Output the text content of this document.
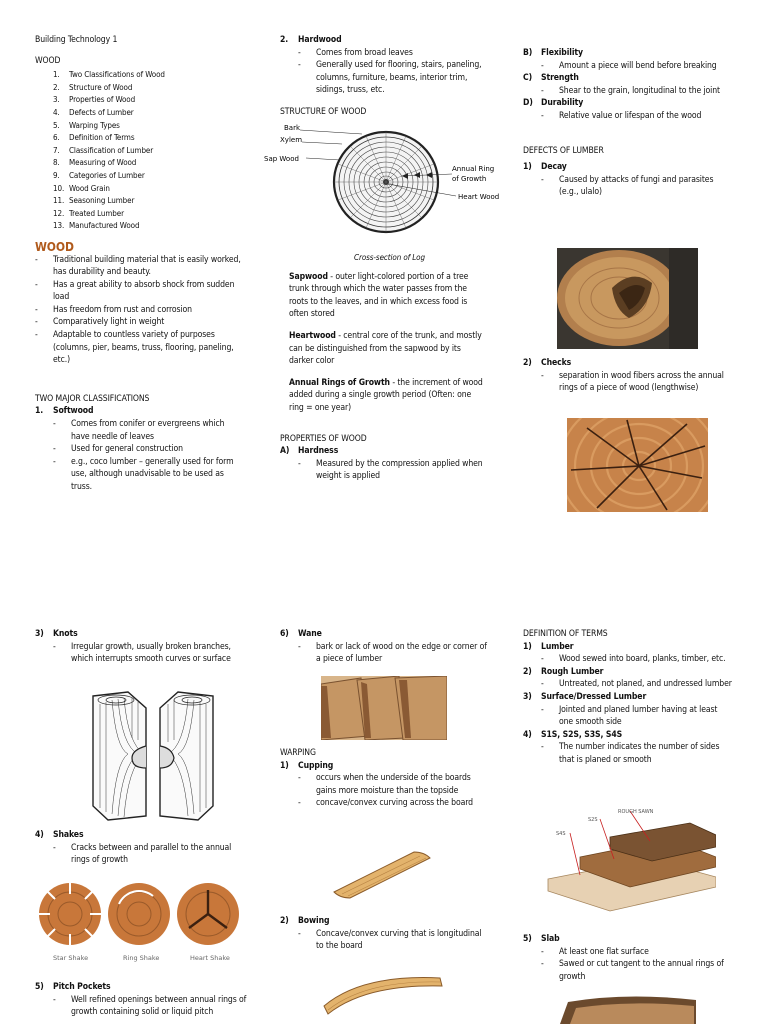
Building Technology 1
WOOD
1. Two Classifications of Wood
2. Structure of Wood
3. Properties of Wood
4. Defects of Lumber
5. Warping Types
6. Definition of Terms
7. Classification of Lumber
8. Measuring of Wood
9. Categories of Lumber
10. Wood Grain
11. Seasoning Lumber
12. Treated Lumber
13. Manufactured Wood
WOOD
- Traditional building material that is easily worked, has durability and beauty.
- Has a great ability to absorb shock from sudden load
- Has freedom from rust and corrosion
- Comparatively light in weight
- Adaptable to countless variety of purposes (columns, pier, beams, truss, flooring, paneling, etc.)
TWO MAJOR CLASSIFICATIONS
1. Softwood
- Comes from conifer or evergreens which have needle of leaves
- Used for general construction
- e.g., coco lumber – generally used for form use, although unadvisable to be used as truss.
2. Hardwood
- Comes from broad leaves
- Generally used for flooring, stairs, paneling, columns, furniture, beams, interior trim, sidings, truss, etc.
STRUCTURE OF WOOD
Bark
Xylem
Sap Wood
Annual Ring
of Growth
Heart Wood
Cross-section of Log
Sapwood - outer light-colored portion of a tree trunk through which the water passes from the roots to the leaves, and in which excess food is often stored
Heartwood - central core of the trunk, and mostly can be distinguished from the sapwood by its darker color
Annual Rings of Growth - the increment of wood added during a single growth period (Often: one ring = one year)
PROPERTIES OF WOOD
A) Hardness
- Measured by the compression applied when weight is applied
B) Flexibility
- Amount a piece will bend before breaking
C) Strength
- Shear to the grain, longitudinal to the joint
D) Durability
- Relative value or lifespan of the wood
DEFECTS OF LUMBER
1) Decay
- Caused by attacks of fungi and parasites (e.g., ulalo)
2) Checks
- separation in wood fibers across the annual rings of a piece of wood (lengthwise)
3) Knots
- Irregular growth, usually broken branches, which interrupts smooth curves or surface
4) Shakes
- Cracks between and parallel to the annual rings of growth
Star Shake	Ring Shake	Heart Shake
5) Pitch Pockets
- Well refined openings between annual rings of growth containing solid or liquid pitch
6) Wane
- bark or lack of wood on the edge or corner of a piece of lumber
WARPING
1) Cupping
- occurs when the underside of the boards gains more moisture than the topside
- concave/convex curving across the board
2) Bowing
- Concave/convex curving that is longitudinal to the board
DEFINITION OF TERMS
1) Lumber
- Wood sewed into board, planks, timber, etc.
2) Rough Lumber
- Untreated, not planed, and undressed lumber
3) Surface/Dressed Lumber
- Jointed and planed lumber having at least one smooth side
4) S1S, S2S, S3S, S4S
- The number indicates the number of sides that is planed or smooth
ROUGH SAWN
S2S
S4S
5) Slab
- At least one flat surface
- Sawed or cut tangent to the annual rings of growth
